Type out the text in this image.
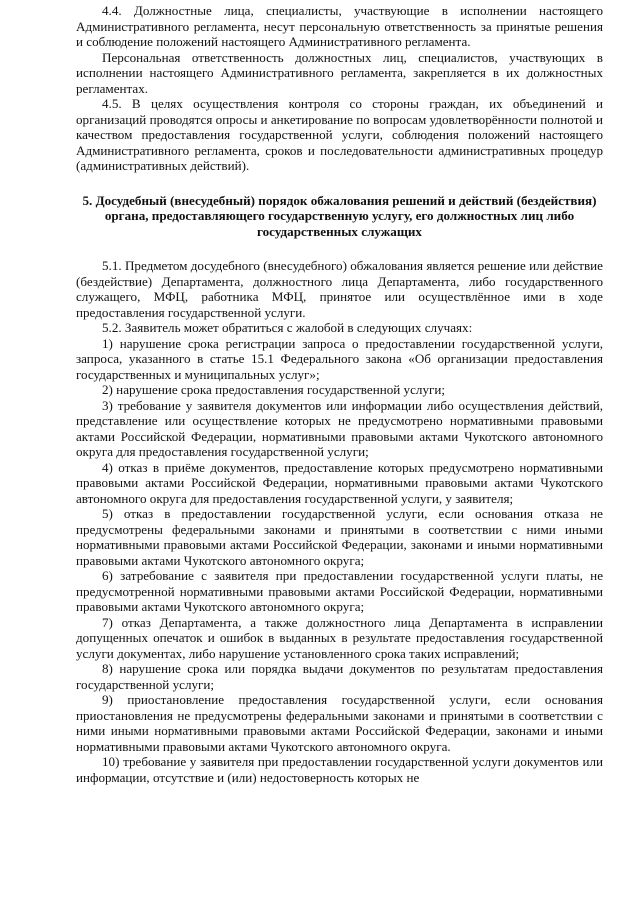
4.4. Должностные лица, специалисты, участвующие в исполнении настоящего Административного регламента, несут персональную ответственность за принятые решения и соблюдение положений настоящего Административного регламента.

Персональная ответственность должностных лиц, специалистов, участвующих в исполнении настоящего Административного регламента, закрепляется в их должностных регламентах.

4.5. В целях осуществления контроля со стороны граждан, их объединений и организаций проводятся опросы и анкетирование по вопросам удовлетворённости полнотой и качеством предоставления государственной услуги, соблюдения положений настоящего Административного регламента, сроков и последовательности административных процедур (административных действий).

5. Досудебный (внесудебный) порядок обжалования решений и действий (бездействия) органа, предоставляющего государственную услугу, его должностных лиц либо государственных служащих

5.1. Предметом досудебного (внесудебного) обжалования является решение или действие (бездействие) Департамента, должностного лица Департамента, либо государственного служащего, МФЦ, работника МФЦ, принятое или осуществлённое ими в ходе предоставления государственной услуги.

5.2. Заявитель может обратиться с жалобой в следующих случаях:

1) нарушение срока регистрации запроса о предоставлении государственной услуги, запроса, указанного в статье 15.1 Федерального закона «Об организации предоставления государственных и муниципальных услуг»;

2) нарушение срока предоставления государственной услуги;

3) требование у заявителя документов или информации либо осуществления действий, представление или осуществление которых не предусмотрено нормативными правовыми актами Российской Федерации, нормативными правовыми актами Чукотского автономного округа для предоставления государственной услуги;

4) отказ в приёме документов, предоставление которых предусмотрено нормативными правовыми актами Российской Федерации, нормативными правовыми актами Чукотского автономного округа для предоставления государственной услуги, у заявителя;

5) отказ в предоставлении государственной услуги, если основания отказа не предусмотрены федеральными законами и принятыми в соответствии с ними иными нормативными правовыми актами Российской Федерации, законами и иными нормативными правовыми актами Чукотского автономного округа;

6) затребование с заявителя при предоставлении государственной услуги платы, не предусмотренной нормативными правовыми актами Российской Федерации, нормативными правовыми актами Чукотского автономного округа;

7) отказ Департамента, а также должностного лица Департамента в исправлении допущенных опечаток и ошибок в выданных в результате предоставления государственной услуги документах, либо нарушение установленного срока таких исправлений;

8) нарушение срока или порядка выдачи документов по результатам предоставления государственной услуги;

9) приостановление предоставления государственной услуги, если основания приостановления не предусмотрены федеральными законами и принятыми в соответствии с ними иными нормативными правовыми актами Российской Федерации, законами и иными нормативными правовыми актами Чукотского автономного округа.

10) требование у заявителя при предоставлении государственной услуги документов или информации, отсутствие и (или) недостоверность которых не
